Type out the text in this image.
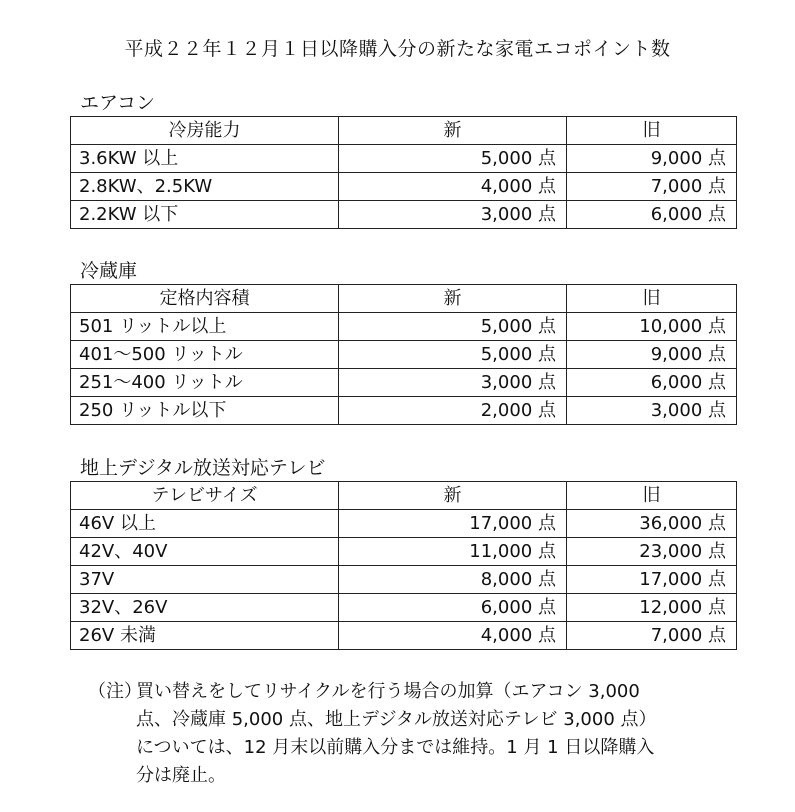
平成２２年１２月１日以降購入分の新たな家電エコポイント数
エアコン
冷房能力	新	旧
3.6KW 以上	5,000 点	9,000 点
2.8KW、2.5KW	4,000 点	7,000 点
2.2KW 以下	3,000 点	6,000 点
冷蔵庫
定格内容積	新	旧
501 リットル以上	5,000 点	10,000 点
401～500 リットル	5,000 点	9,000 点
251～400 リットル	3,000 点	6,000 点
250 リットル以下	2,000 点	3,000 点
地上デジタル放送対応テレビ
テレビサイズ	新	旧
46V 以上	17,000 点	36,000 点
42V、40V	11,000 点	23,000 点
37V	8,000 点	17,000 点
32V、26V	6,000 点	12,000 点
26V 未満	4,000 点	7,000 点
（注）買い替えをしてリサイクルを行う場合の加算（エアコン 3,000
点、冷蔵庫 5,000 点、地上デジタル放送対応テレビ 3,000 点）
については、12 月末以前購入分までは維持。1 月 1 日以降購入
分は廃止。
